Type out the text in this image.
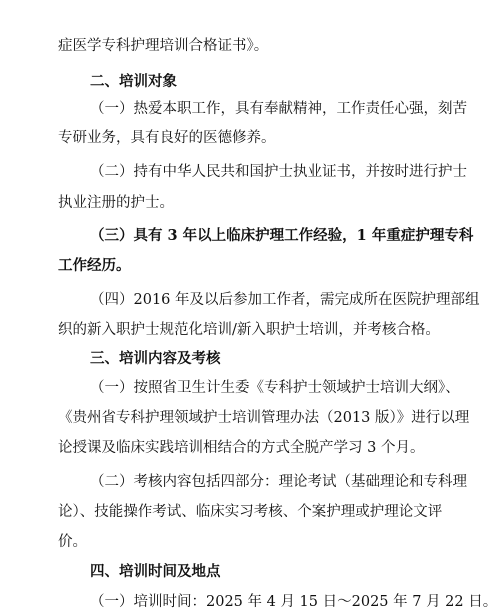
症医学专科护理培训合格证书》。
二、培训对象
（一）热爱本职工作，具有奉献精神，工作责任心强，刻苦
专研业务，具有良好的医德修养。
（二）持有中华人民共和国护士执业证书，并按时进行护士
执业注册的护士。
（三）具有 3 年以上临床护理工作经验，1 年重症护理专科
工作经历。
（四）2016 年及以后参加工作者，需完成所在医院护理部组
织的新入职护士规范化培训/新入职护士培训，并考核合格。
三、培训内容及考核
（一）按照省卫生计生委《专科护士领域护士培训大纲》、
《贵州省专科护理领域护士培训管理办法（2013 版）》进行以理
论授课及临床实践培训相结合的方式全脱产学习 3 个月。
（二）考核内容包括四部分：理论考试（基础理论和专科理
论）、技能操作考试、临床实习考核、个案护理或护理论文评
价。
四、培训时间及地点
（一）培训时间：2025 年 4 月 15 日～2025 年 7 月 22 日。
